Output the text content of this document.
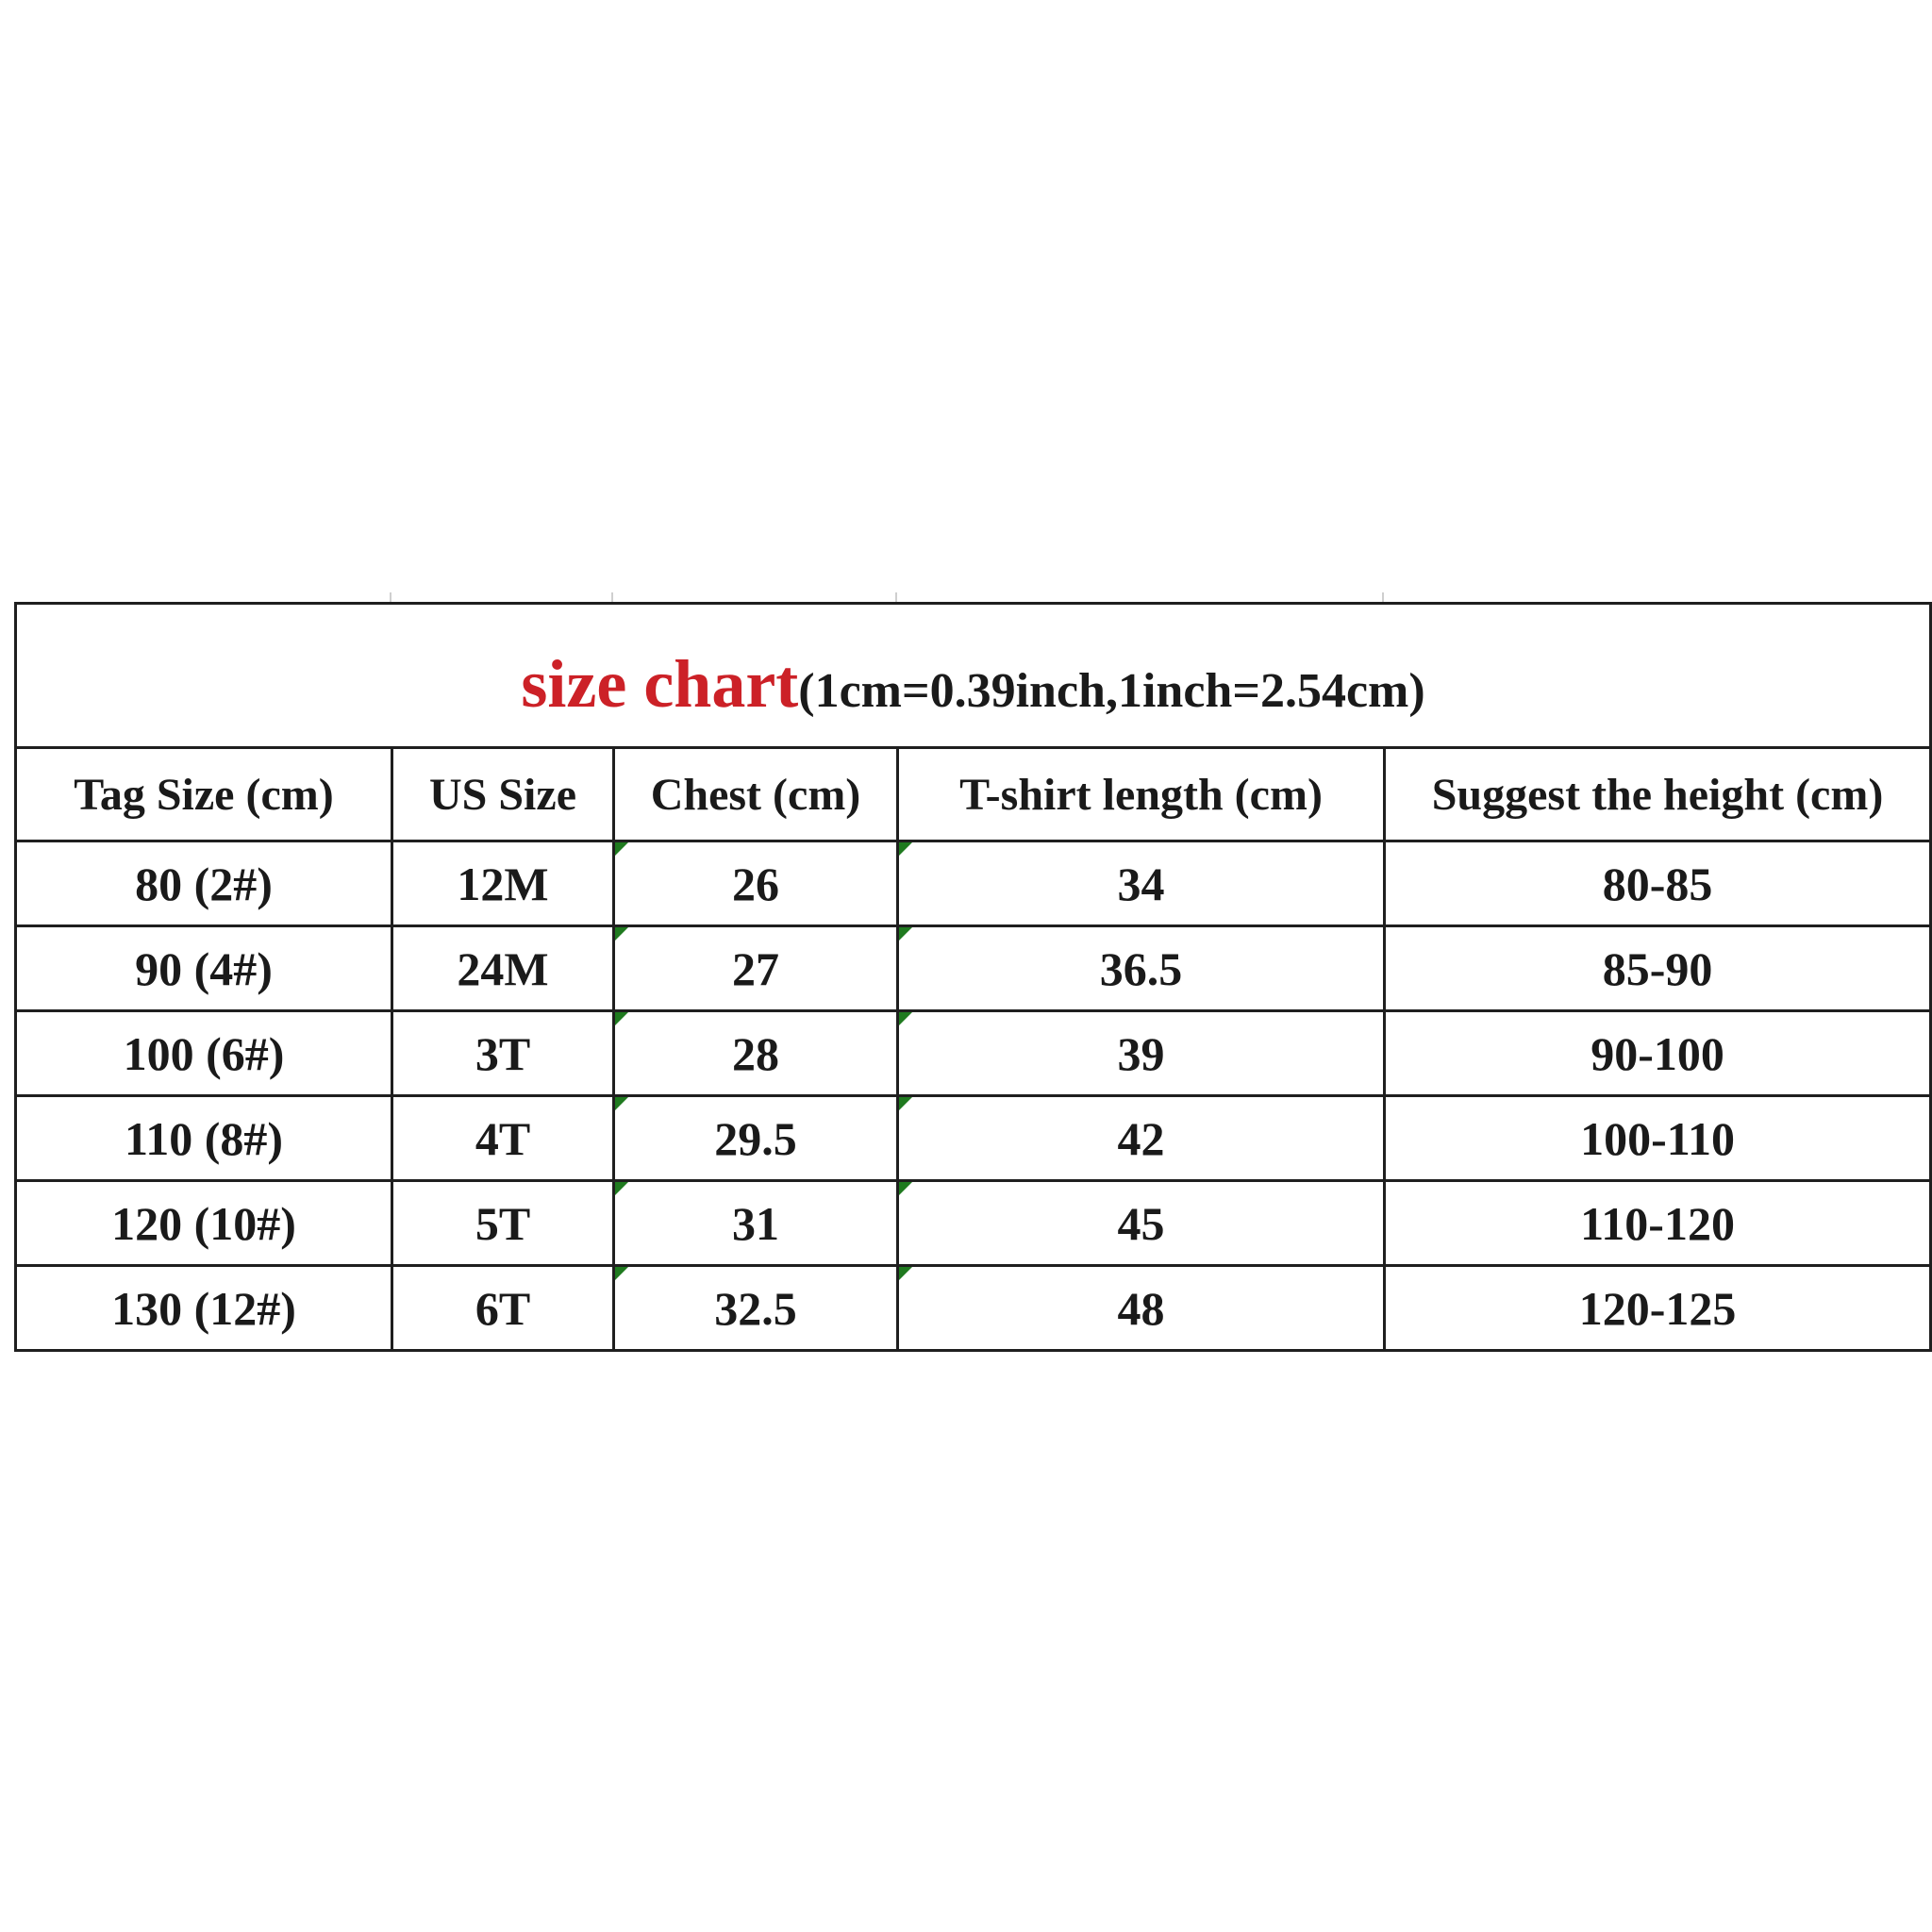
size chart(1cm=0.39inch,1inch=2.54cm)				
Tag Size (cm)	US Size	Chest (cm)	T-shirt length (cm)	Suggest the height (cm)
80 (2#)	12M	26	34	80-85
90 (4#)	24M	27	36.5	85-90
100 (6#)	3T	28	39	90-100
110 (8#)	4T	29.5	42	100-110
120 (10#)	5T	31	45	110-120
130 (12#)	6T	32.5	48	120-125
